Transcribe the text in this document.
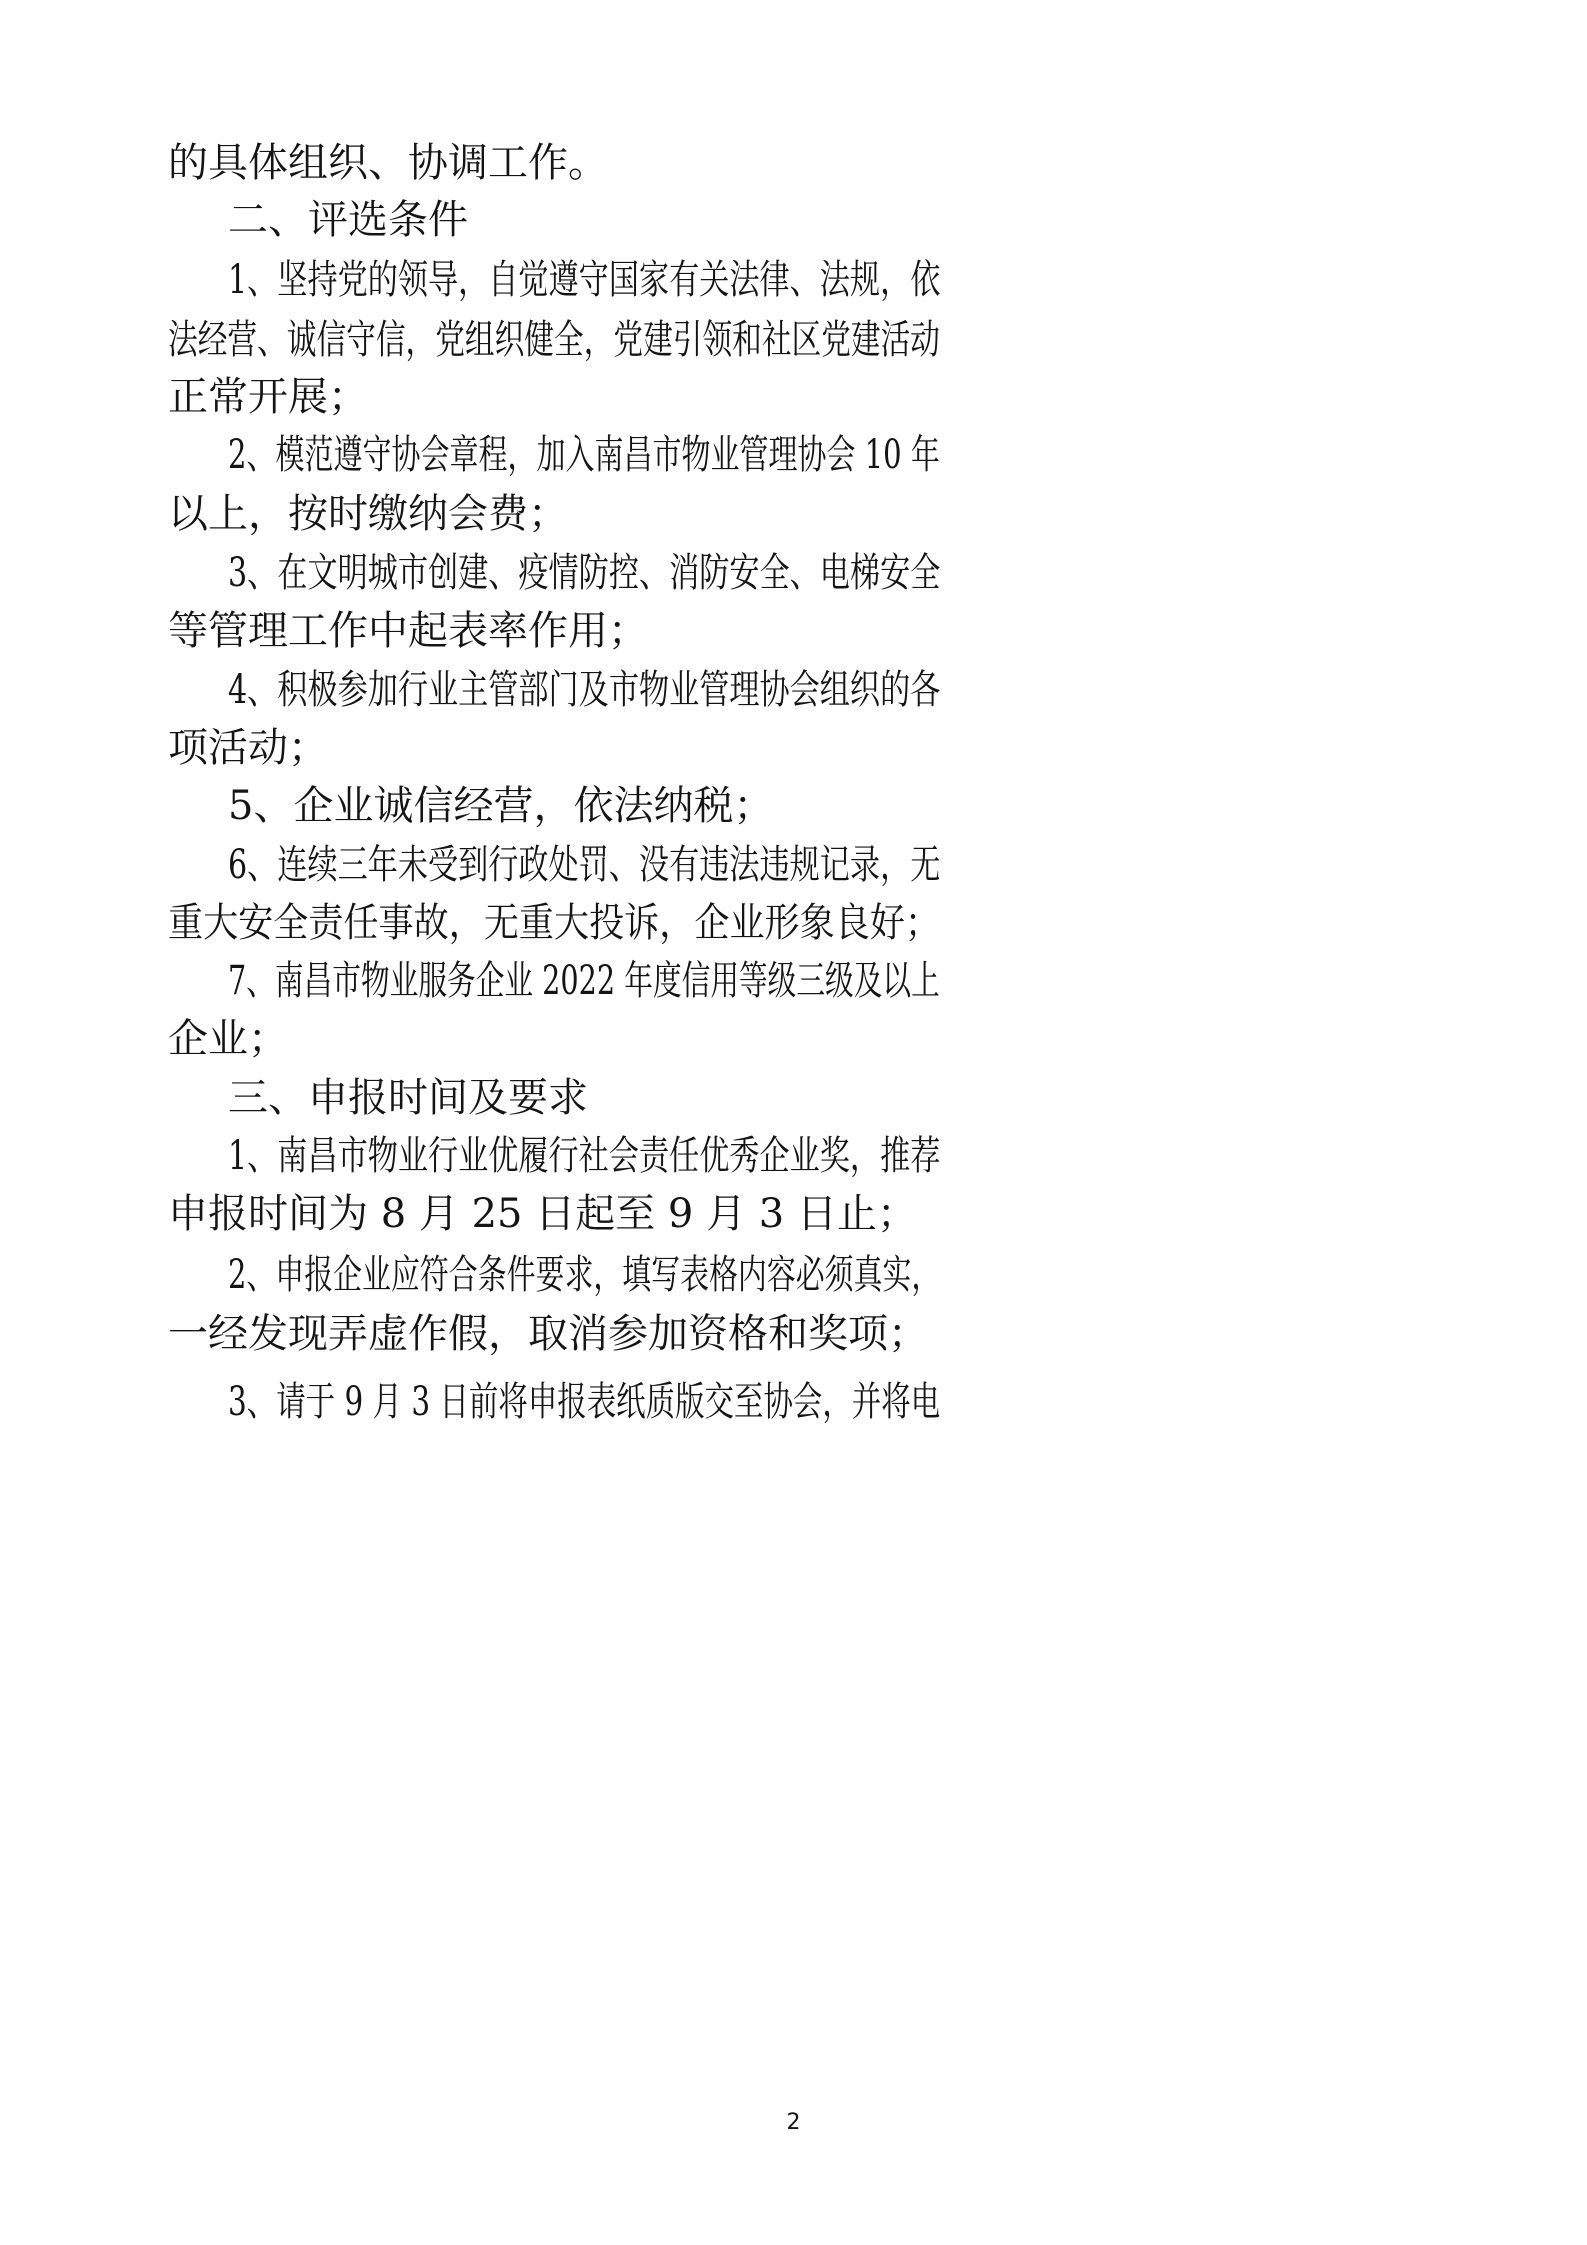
的具体组织、协调工作。
二、评选条件
1、坚持党的领导，自觉遵守国家有关法律、法规，依
法经营、诚信守信，党组织健全，党建引领和社区党建活动
正常开展；
2、模范遵守协会章程，加入南昌市物业管理协会 10 年
以上，按时缴纳会费；
3、在文明城市创建、疫情防控、消防安全、电梯安全
等管理工作中起表率作用；
4、积极参加行业主管部门及市物业管理协会组织的各
项活动；
5、企业诚信经营，依法纳税；
6、连续三年未受到行政处罚、没有违法违规记录，无
重大安全责任事故，无重大投诉，企业形象良好；
7、南昌市物业服务企业 2022 年度信用等级三级及以上
企业；
三、申报时间及要求
1、南昌市物业行业优履行社会责任优秀企业奖，推荐
申报时间为 8 月 25 日起至 9 月 3 日止；
2、申报企业应符合条件要求，填写表格内容必须真实，
一经发现弄虚作假，取消参加资格和奖项；
3、请于 9 月 3 日前将申报表纸质版交至协会，并将电
2
